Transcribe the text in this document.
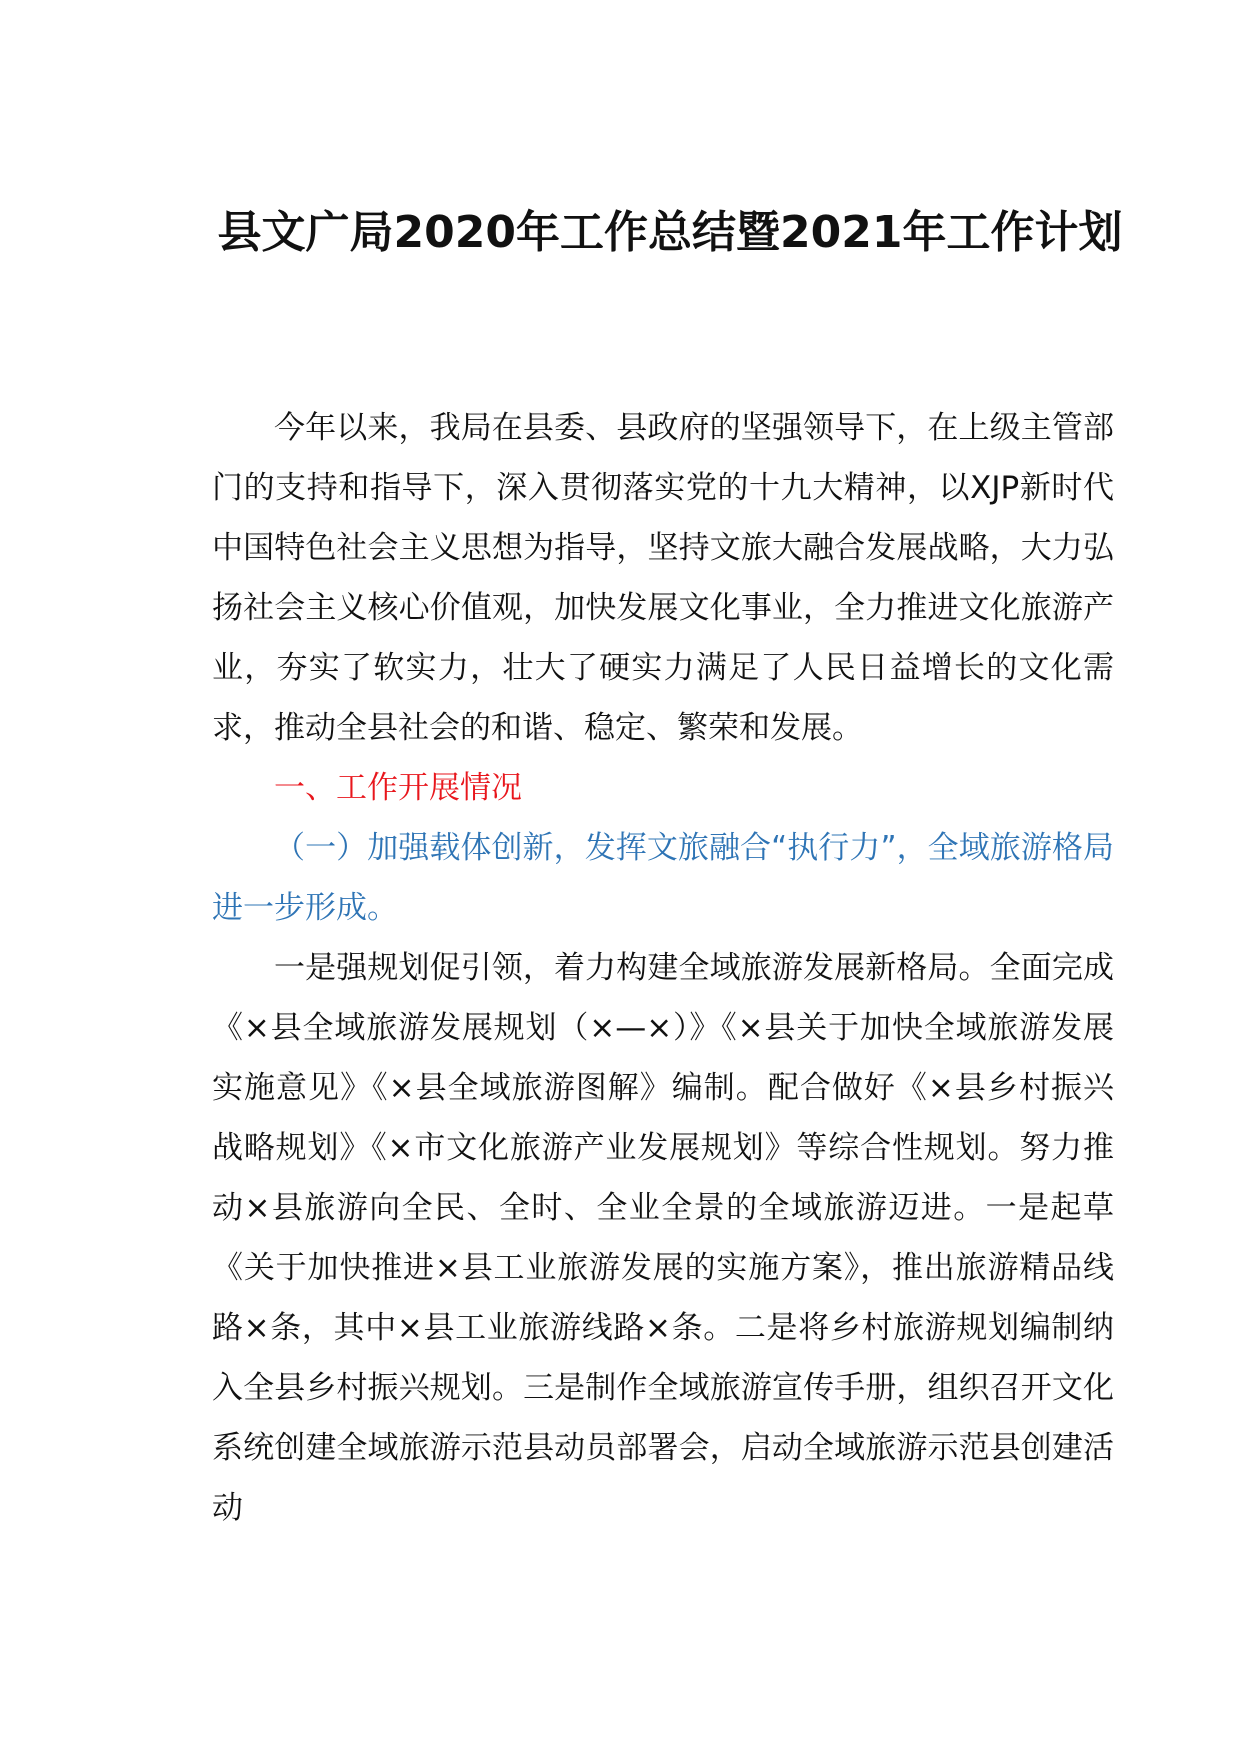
县文广局2020年工作总结暨2021年工作计划

今年以来，我局在县委、县政府的坚强领导下，在上级主管部门的支持和指导下，深入贯彻落实党的十九大精神，以XJP新时代中国特色社会主义思想为指导，坚持文旅大融合发展战略，大力弘扬社会主义核心价值观，加快发展文化事业，全力推进文化旅游产业，夯实了软实力，壮大了硬实力满足了人民日益增长的文化需求，推动全县社会的和谐、稳定、繁荣和发展。

一、工作开展情况

（一）加强载体创新，发挥文旅融合“执行力”，全域旅游格局进一步形成。

一是强规划促引领，着力构建全域旅游发展新格局。全面完成《×县全域旅游发展规划（×—×）》《×县关于加快全域旅游发展实施意见》《×县全域旅游图解》编制。配合做好《×县乡村振兴战略规划》《×市文化旅游产业发展规划》等综合性规划。努力推动×县旅游向全民、全时、全业全景的全域旅游迈进。一是起草《关于加快推进×县工业旅游发展的实施方案》，推出旅游精品线路×条，其中×县工业旅游线路×条。二是将乡村旅游规划编制纳入全县乡村振兴规划。三是制作全域旅游宣传手册，组织召开文化系统创建全域旅游示范县动员部署会，启动全域旅游示范县创建活动
